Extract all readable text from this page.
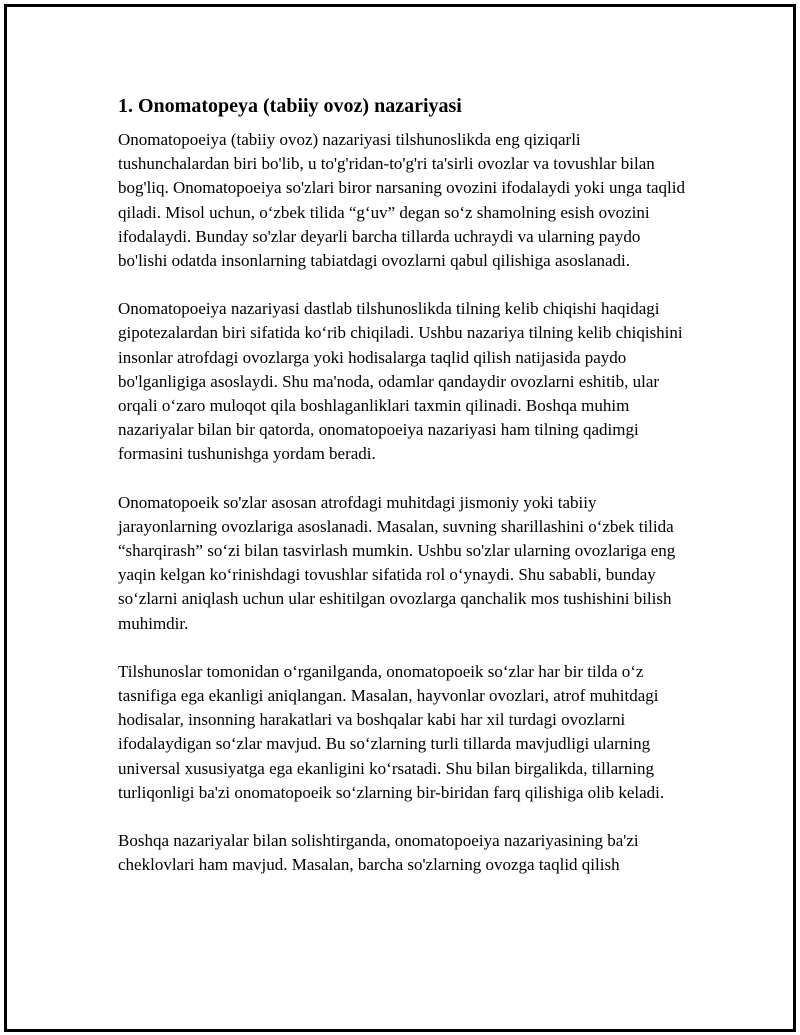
1. Onomatopeya (tabiiy ovoz) nazariyasi

Onomatopoeiya (tabiiy ovoz) nazariyasi tilshunoslikda eng qiziqarli tushunchalardan biri bo'lib, u to'g'ridan-to'g'ri ta'sirli ovozlar va tovushlar bilan bog'liq. Onomatopoeiya so'zlari biror narsaning ovozini ifodalaydi yoki unga taqlid qiladi. Misol uchun, o‘zbek tilida “g‘uv” degan so‘z shamolning esish ovozini ifodalaydi. Bunday so'zlar deyarli barcha tillarda uchraydi va ularning paydo bo'lishi odatda insonlarning tabiatdagi ovozlarni qabul qilishiga asoslanadi.

Onomatopoeiya nazariyasi dastlab tilshunoslikda tilning kelib chiqishi haqidagi gipotezalardan biri sifatida ko‘rib chiqiladi. Ushbu nazariya tilning kelib chiqishini insonlar atrofdagi ovozlarga yoki hodisalarga taqlid qilish natijasida paydo bo'lganligiga asoslaydi. Shu ma'noda, odamlar qandaydir ovozlarni eshitib, ular orqali o‘zaro muloqot qila boshlaganliklari taxmin qilinadi. Boshqa muhim nazariyalar bilan bir qatorda, onomatopoeiya nazariyasi ham tilning qadimgi formasini tushunishga yordam beradi.

Onomatopoeik so'zlar asosan atrofdagi muhitdagi jismoniy yoki tabiiy jarayonlarning ovozlariga asoslanadi. Masalan, suvning sharillashini o‘zbek tilida “sharqirash” so‘zi bilan tasvirlash mumkin. Ushbu so'zlar ularning ovozlariga eng yaqin kelgan ko‘rinishdagi tovushlar sifatida rol o‘ynaydi. Shu sababli, bunday so‘zlarni aniqlash uchun ular eshitilgan ovozlarga qanchalik mos tushishini bilish muhimdir.

Tilshunoslar tomonidan o‘rganilganda, onomatopoeik so‘zlar har bir tilda o‘z tasnifiga ega ekanligi aniqlangan. Masalan, hayvonlar ovozlari, atrof muhitdagi hodisalar, insonning harakatlari va boshqalar kabi har xil turdagi ovozlarni ifodalaydigan so‘zlar mavjud. Bu so‘zlarning turli tillarda mavjudligi ularning universal xususiyatga ega ekanligini ko‘rsatadi. Shu bilan birgalikda, tillarning turliqonligi ba'zi onomatopoeik so‘zlarning bir-biridan farq qilishiga olib keladi.

Boshqa nazariyalar bilan solishtirganda, onomatopoeiya nazariyasining ba'zi cheklovlari ham mavjud. Masalan, barcha so'zlarning ovozga taqlid qilish
